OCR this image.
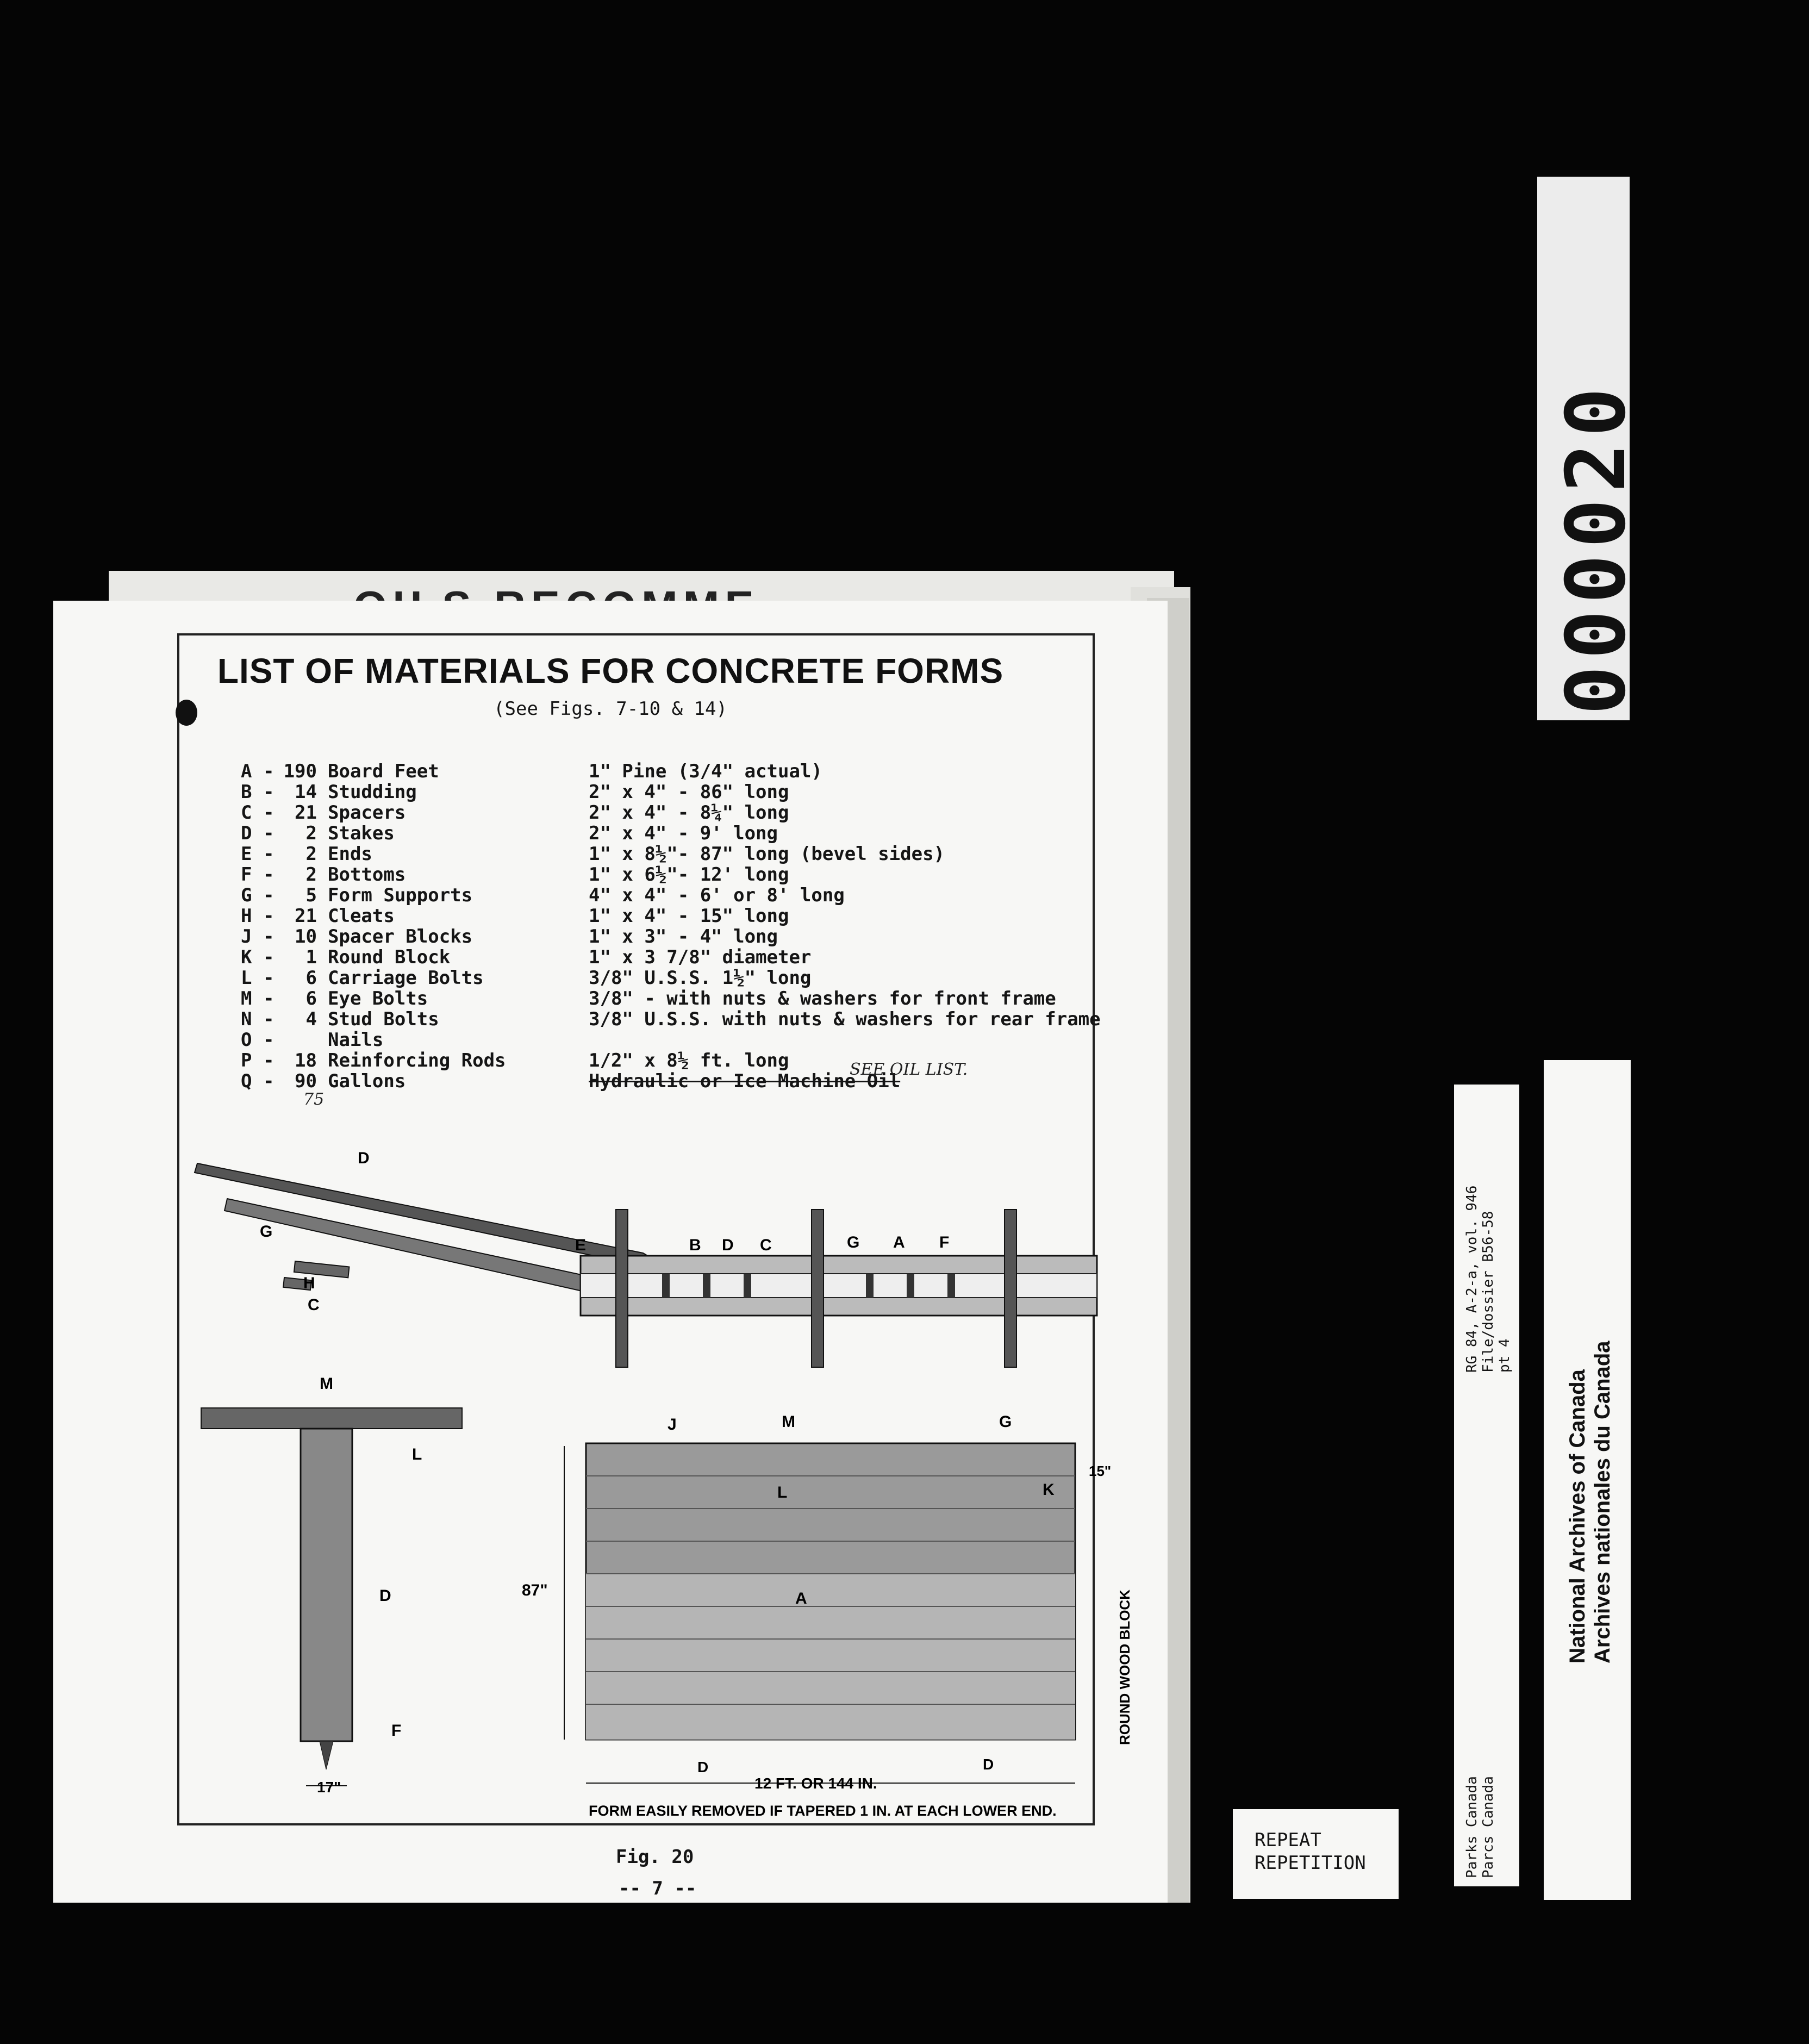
LIST OF MATERIALS FOR CONCRETE FORMS
(See Figs. 7-10 & 14)
A - 190 Board Feet	1" Pine (3/4" actual)
B -	14 Studding	2" x 4" - 86" long
C -	21 Spacers	2" x 4" - 8¼" long
D -	2 Stakes	2" x 4" - 9' long
E -	2 Ends	1" x 8½"- 87" long (bevel sides)
F -	2 Bottoms	1" x 6½"- 12' long
G -	5 Form Supports	4" x 4" - 6' or 8' long
H -	21 Cleats	1" x 4" - 15" long
J -	10 Spacer Blocks	1" x 3" - 4" long
K -	1 Round Block	1" x 3 7/8" diameter
L -	6 Carriage Bolts	3/8" U.S.S. 1½" long
M -	6 Eye Bolts	3/8" - with nuts & washers for front frame
N -	4 Stud Bolts	3/8" U.S.S. with nuts & washers for rear frame
O -	Nails
P -	18 Reinforcing Rods	1/2" x 8½ ft. long
Q -	90 Gallons	Hydraulic or Ice Machine Oil
SEE OIL LIST.
75
D
G
H
C
E	B D C	G A F
M
L
D
F
17"
J	M	G
L	K
A
87"
15"
ROUND WOOD BLOCK
D	D
12 FT. OR 144 IN.
FORM EASILY REMOVED IF TAPERED 1 IN. AT EACH LOWER END.
Fig. 20
-- 7 --
REPEAT
REPETITION
000020
RG 84, A-2-a, vol. 946 File/dossier B56-58 pt 4
Parks Canada Parcs Canada
National Archives of Canada Archives nationales du Canada
